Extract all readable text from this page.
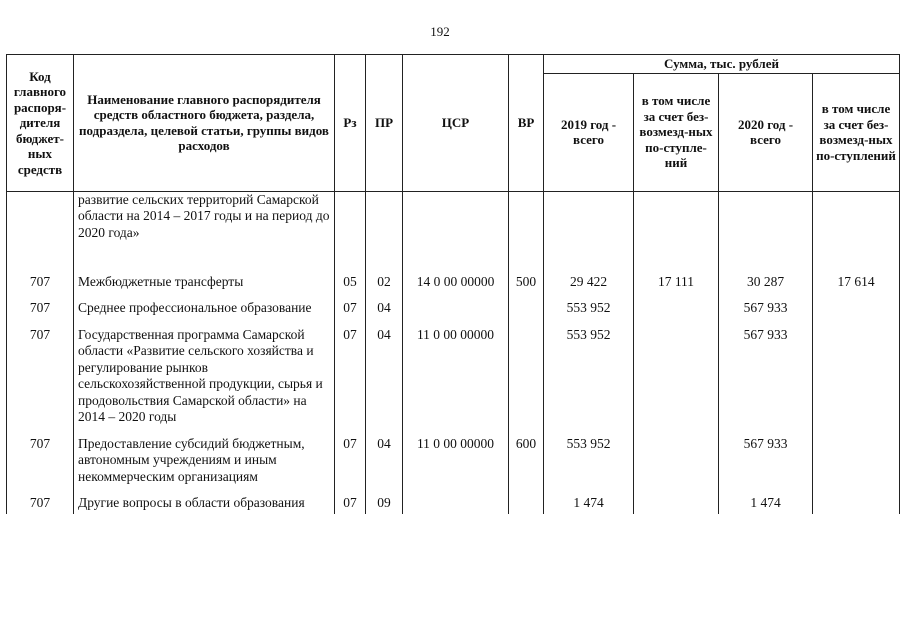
192
Код главного распоря-дителя бюджет-ных средств	Наименование главного распорядителя средств областного бюджета, раздела, подраздела, целевой статьи, группы видов расходов	Рз	ПР	ЦСР	ВР	Сумма, тыс. рублей			
						2019 год - всего	в том числе за счет без-возмезд-ных по-ступле-ний	2020 год - всего	в том числе за счет без-возмезд-ных по-ступлений
	развитие сельских территорий Самарской области на 2014 – 2017 годы и на период до 2020 года»								
707	Межбюджетные трансферты	05	02	14 0 00 00000	500	29 422	17 111	30 287	17 614
707	Среднее профессиональное образование	07	04			553 952		567 933	
707	Государственная программа Самарской области «Развитие сельского хозяйства и регулирование рынков сельскохозяйственной продукции, сырья и продовольствия Самарской области» на 2014 – 2020 годы	07	04	11 0 00 00000		553 952		567 933	
707	Предоставление субсидий бюджетным, автономным учреждениям и иным некоммерческим организациям	07	04	11 0 00 00000	600	553 952		567 933	
707	Другие вопросы в области образования	07	09			1 474		1 474	
